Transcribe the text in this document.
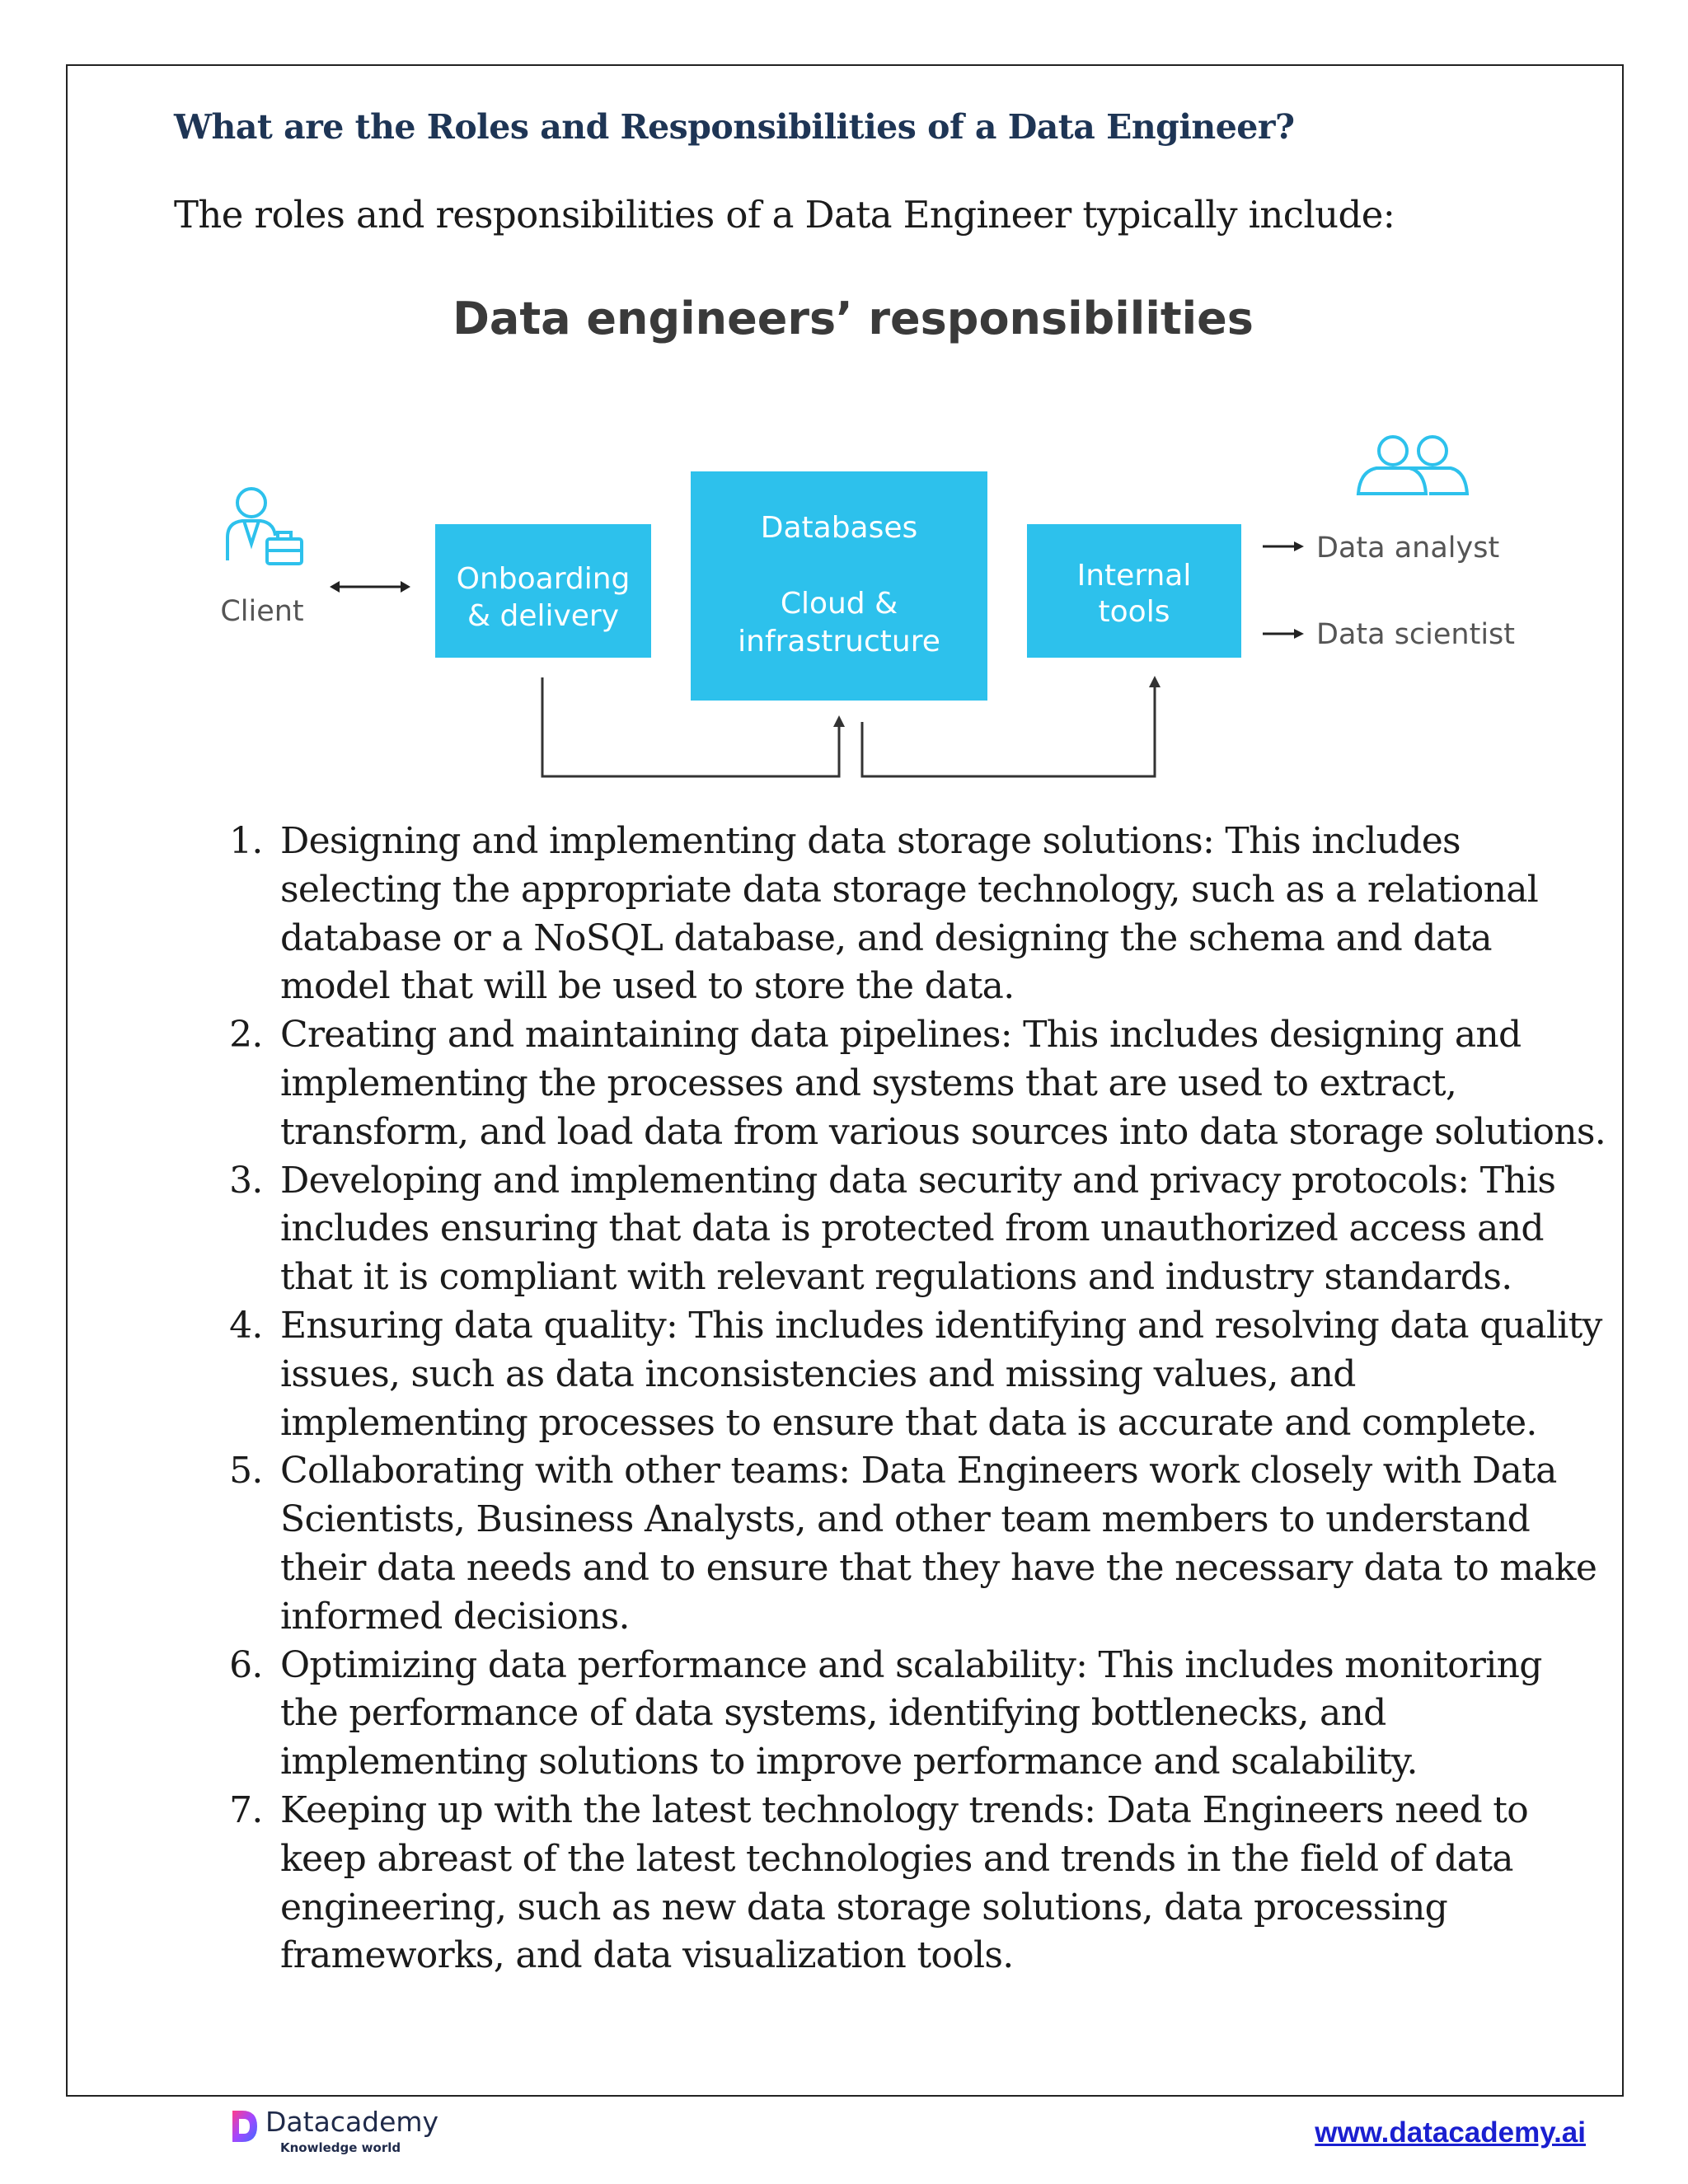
What are the Roles and Responsibilities of a Data Engineer?

The roles and responsibilities of a Data Engineer typically include:

Data engineers’ responsibilities
Client
Onboarding
& delivery
Databases
Cloud &
infrastructure
Internal
tools
Data analyst
Data scientist
1. Designing and implementing data storage solutions: This includes selecting the appropriate data storage technology, such as a relational database or a NoSQL database, and designing the schema and data model that will be used to store the data.
2. Creating and maintaining data pipelines: This includes designing and implementing the processes and systems that are used to extract, transform, and load data from various sources into data storage solutions.
3. Developing and implementing data security and privacy protocols: This includes ensuring that data is protected from unauthorized access and that it is compliant with relevant regulations and industry standards.
4. Ensuring data quality: This includes identifying and resolving data quality issues, such as data inconsistencies and missing values, and implementing processes to ensure that data is accurate and complete.
5. Collaborating with other teams: Data Engineers work closely with Data Scientists, Business Analysts, and other team members to understand their data needs and to ensure that they have the necessary data to make informed decisions.
6. Optimizing data performance and scalability: This includes monitoring the performance of data systems, identifying bottlenecks, and implementing solutions to improve performance and scalability.
7. Keeping up with the latest technology trends: Data Engineers need to keep abreast of the latest technologies and trends in the field of data engineering, such as new data storage solutions, data processing frameworks, and data visualization tools.
Datacademy
Knowledge world	www.datacademy.ai
